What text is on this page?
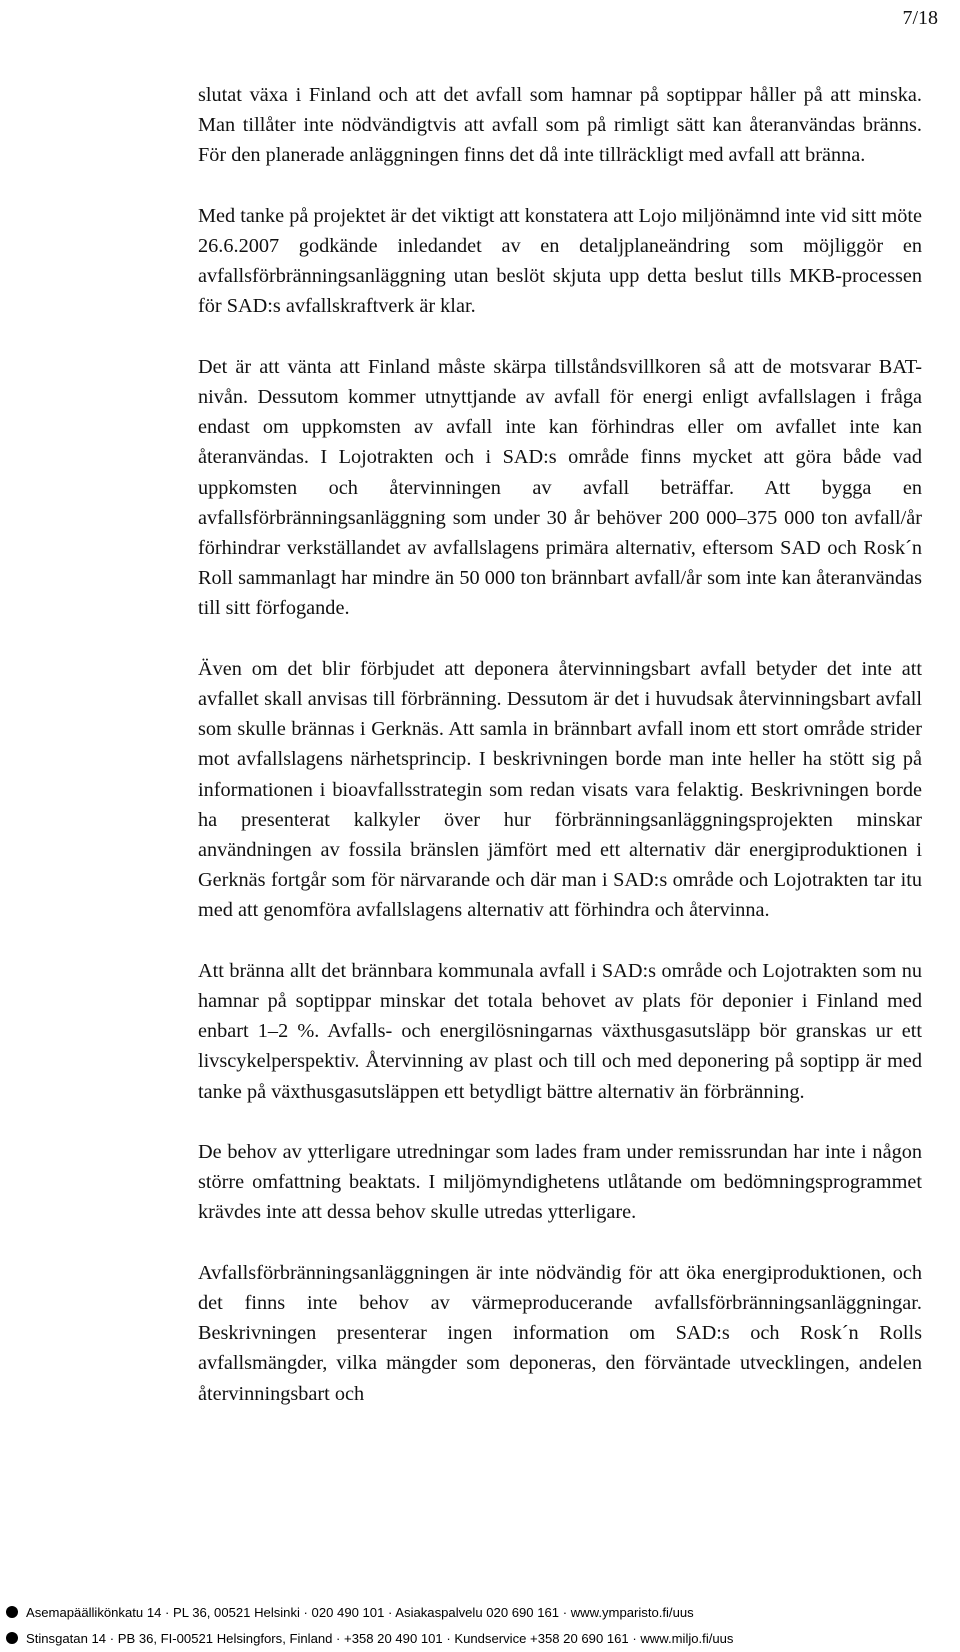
7/18

slutat växa i Finland och att det avfall som hamnar på soptippar håller på att minska. Man tillåter inte nödvändigtvis att avfall som på rimligt sätt kan återanvändas bränns. För den planerade anläggningen finns det då inte tillräckligt med avfall att bränna.

Med tanke på projektet är det viktigt att konstatera att Lojo miljönämnd inte vid sitt möte 26.6.2007 godkände inledandet av en detaljplaneändring som möjliggör en avfallsförbränningsanläggning utan beslöt skjuta upp detta beslut tills MKB-processen för SAD:s avfallskraftverk är klar.

Det är att vänta att Finland måste skärpa tillståndsvillkoren så att de motsvarar BAT-nivån. Dessutom kommer utnyttjande av avfall för energi enligt avfallslagen i fråga endast om uppkomsten av avfall inte kan förhindras eller om avfallet inte kan återanvändas. I Lojotrakten och i SAD:s område finns mycket att göra både vad uppkomsten och återvinningen av avfall beträffar. Att bygga en avfallsförbränningsanläggning som under 30 år behöver 200 000–375 000 ton avfall/år förhindrar verkställandet av avfallslagens primära alternativ, eftersom SAD och Rosk´n Roll sammanlagt har mindre än 50 000 ton brännbart avfall/år som inte kan återanvändas till sitt förfogande.

Även om det blir förbjudet att deponera återvinningsbart avfall betyder det inte att avfallet skall anvisas till förbränning. Dessutom är det i huvudsak återvinningsbart avfall som skulle brännas i Gerknäs. Att samla in brännbart avfall inom ett stort område strider mot avfallslagens närhetsprincip. I beskrivningen borde man inte heller ha stött sig på informationen i bioavfallsstrategin som redan visats vara felaktig. Beskrivningen borde ha presenterat kalkyler över hur förbränningsanläggningsprojekten minskar användningen av fossila bränslen jämfört med ett alternativ där energiproduktionen i Gerknäs fortgår som för närvarande och där man i SAD:s område och Lojotrakten tar itu med att genomföra avfallslagens alternativ att förhindra och återvinna.

Att bränna allt det brännbara kommunala avfall i SAD:s område och Lojotrakten som nu hamnar på soptippar minskar det totala behovet av plats för deponier i Finland med enbart 1–2 %. Avfalls- och energilösningarnas växthusgasutsläpp bör granskas ur ett livscykelperspektiv. Återvinning av plast och till och med deponering på soptipp är med tanke på växthusgasutsläppen ett betydligt bättre alternativ än förbränning.

De behov av ytterligare utredningar som lades fram under remissrundan har inte i någon större omfattning beaktats. I miljömyndighetens utlåtande om bedömningsprogrammet krävdes inte att dessa behov skulle utredas ytterligare.

Avfallsförbränningsanläggningen är inte nödvändig för att öka energiproduktionen, och det finns inte behov av värmeproducerande avfallsförbränningsanläggningar. Beskrivningen presenterar ingen information om SAD:s och Rosk´n Rolls avfallsmängder, vilka mängder som deponeras, den förväntade utvecklingen, andelen återvinningsbart och

Asemapäällikönkatu 14 · PL 36, 00521 Helsinki · 020 490 101 · Asiakaspalvelu 020 690 161 · www.ymparisto.fi/uus
Stinsgatan 14 · PB 36, FI-00521 Helsingfors, Finland · +358 20 490 101 · Kundservice +358 20 690 161 · www.miljo.fi/uus
